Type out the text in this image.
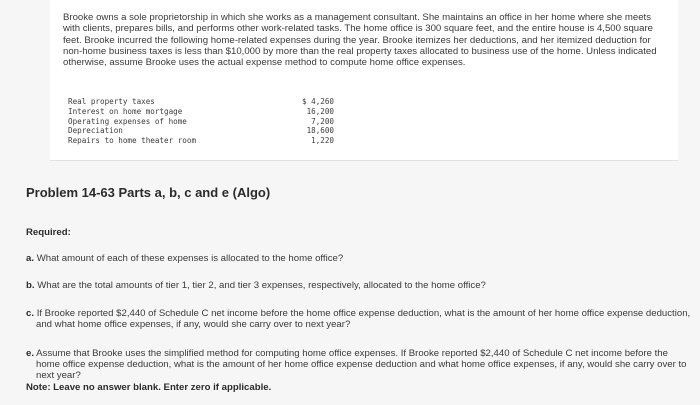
Brooke owns a sole proprietorship in which she works as a management consultant. She maintains an office in her home where she meets with clients, prepares bills, and performs other work-related tasks. The home office is 300 square feet, and the entire house is 4,500 square feet. Brooke incurred the following home-related expenses during the year. Brooke itemizes her deductions, and her itemized deduction for non-home business taxes is less than $10,000 by more than the real property taxes allocated to business use of the home. Unless indicated otherwise, assume Brooke uses the actual expense method to compute home office expenses.

Real property taxes	$ 4,260
Interest on home mortgage	16,200
Operating expenses of home	7,200
Depreciation	18,600
Repairs to home theater room	1,220
Problem 14-63 Parts a, b, c and e (Algo)

Required:

a. What amount of each of these expenses is allocated to the home office?

b. What are the total amounts of tier 1, tier 2, and tier 3 expenses, respectively, allocated to the home office?

c. If Brooke reported $2,440 of Schedule C net income before the home office expense deduction, what is the amount of her home office expense deduction, and what home office expenses, if any, would she carry over to next year?

e. Assume that Brooke uses the simplified method for computing home office expenses. If Brooke reported $2,440 of Schedule C net income before the home office expense deduction, what is the amount of her home office expense deduction and what home office expenses, if any, would she carry over to next year?
Note: Leave no answer blank. Enter zero if applicable.
